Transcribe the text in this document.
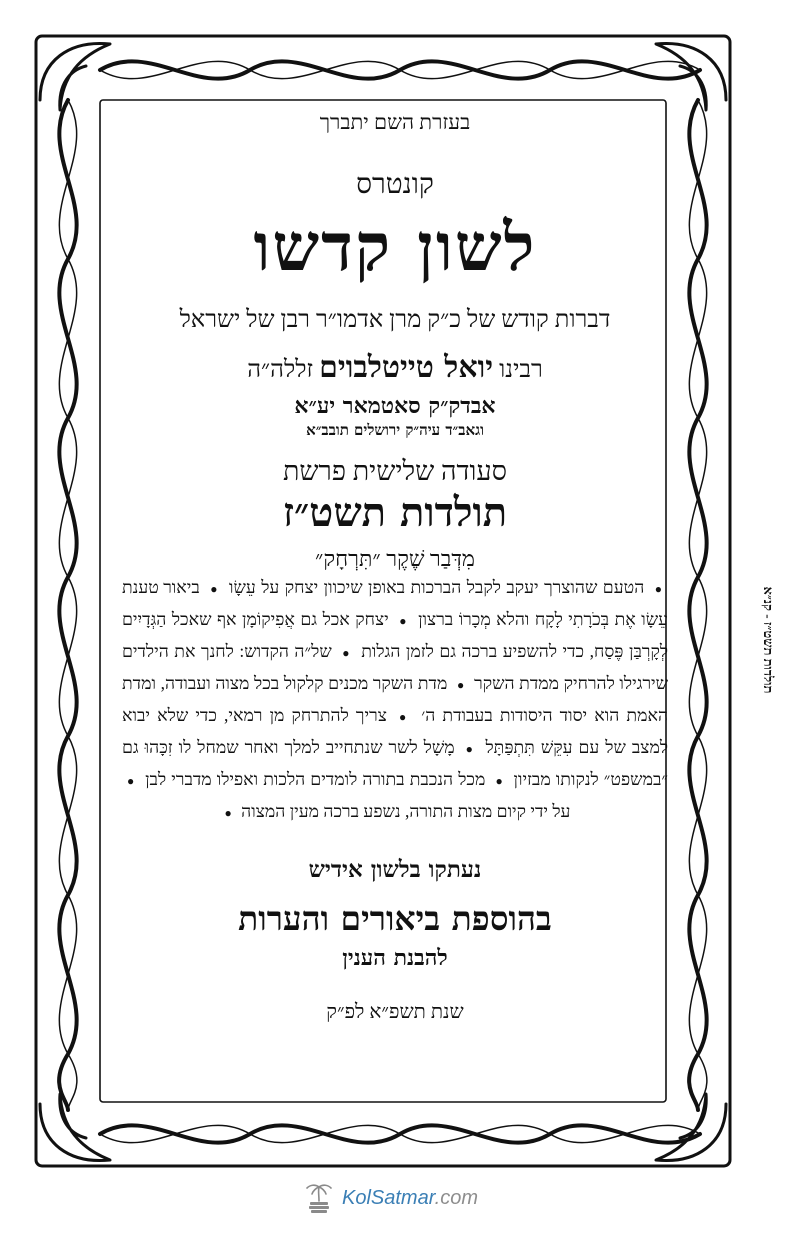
בעזרת השם יתברך
קונטרס
לשון קדשו
דברות קודש של כ״ק מרן אדמו״ר רבן של ישראל
רבינו יואל טייטלבוים זללה״ה
אבדק״ק סאטמאר יע״א
וגאב״ד עיה״ק ירושלים תובב״א
סעודה שלישית פרשת
תולדות תשט״ז
מִדְּבַר שֶׁקֶר ״תִּרְחָק״

● הטעם שהוצרך יעקב לקבל הברכות באופן שיכוון יצחק על עֵשָׂו ● ביאור טענת עֵשָׂו אֶת בְּכֹרָתִי לָקָח והלא מְכָרוֹ ברצון ● יצחק אכל גם אֲפִיקוֹמָן אף שאכל הַגְּדָיִים לְקָרְבַּן פֶּסַח, כדי להשפיע ברכה גם לזמן הגלות ● של״ה הקדוש: לחנך את הילדים שירגילו להרחיק ממדת השקר ● מדת השקר מכנים קלקול בכל מצוה ועבודה, ומדת האמת הוא יסוד היסודות בעבודת ה׳ ● צריך להתרחק מן רמאי, כדי שלא יבוא למצב של עם עִקֵּשׁ תִּתְפַּתָּל ● מָשָׁל לשר שנתחייב למלך ואחר שמחל לו זִכָּהוּ גם ״במשפט״ לנקותו מבזיון ● מכל הנכבת בתורה לומדים הלכות ואפילו מדברי לבן ● על ידי קיום מצות התורה, נשפע ברכה מעין המצוה ●

נעתקו בלשון אידיש
בהוספת ביאורים והערות
להבנת הענין
שנת תשפ״א לפ״ק
תולדות תשט״ז - קנ״א
KolSatmar.com
